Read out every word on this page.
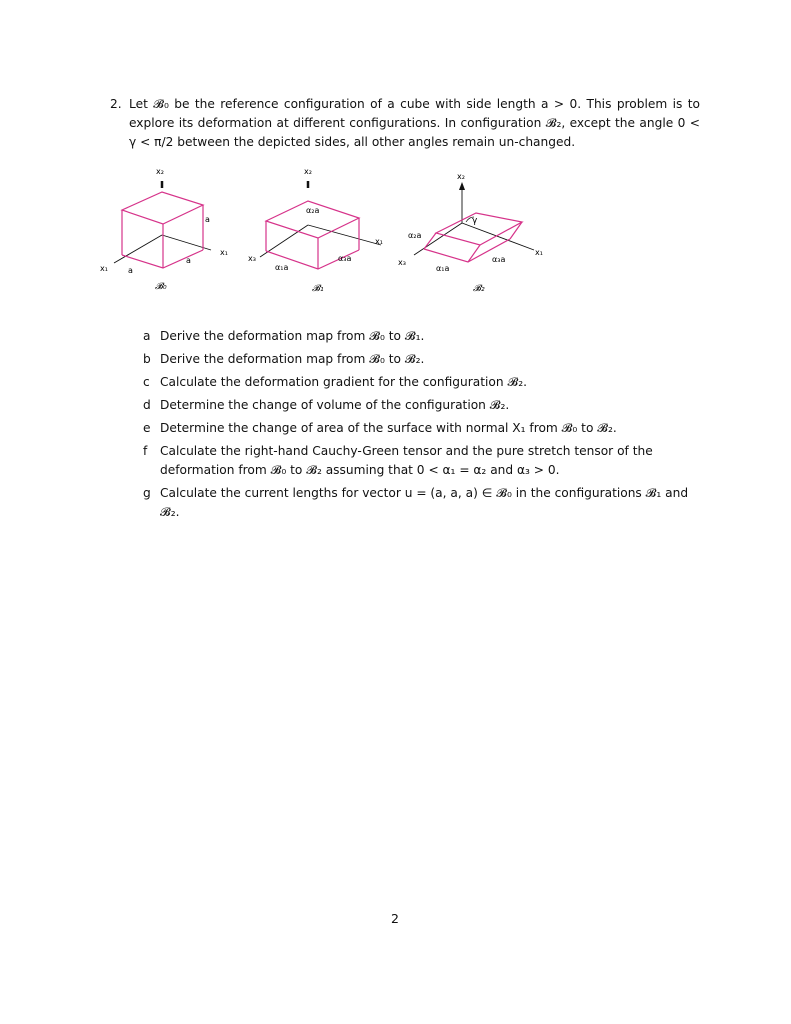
2. Let 𝓑₀ be the reference configuration of a cube with side length a > 0. This problem is to explore its deformation at different configurations. In configuration 𝓑₂, except the angle 0 < γ < π/2 between the depicted sides, all other angles remain un-changed.
x₂
x₁
x₁
a
a
a
𝓑₀
x₂
x₁
x₃
α₂a
α₁a
α₃a
𝓑₁
x₂
x₁
x₃
α₂a
α₁a
α₃a
γ
𝓑₂
a Derive the deformation map from 𝓑₀ to 𝓑₁.
b Derive the deformation map from 𝓑₀ to 𝓑₂.
c Calculate the deformation gradient for the configuration 𝓑₂.
d Determine the change of volume of the configuration 𝓑₂.
e Determine the change of area of the surface with normal X₁ from 𝓑₀ to 𝓑₂.
f	Calculate the right-hand Cauchy-Green tensor and the pure stretch tensor of the deformation from 𝓑₀ to 𝓑₂ assuming that 0 < α₁ = α₂ and α₃ > 0.
g Calculate the current lengths for vector u = (a, a, a) ∈ 𝓑₀ in the configurations 𝓑₁ and 𝓑₂.
2
